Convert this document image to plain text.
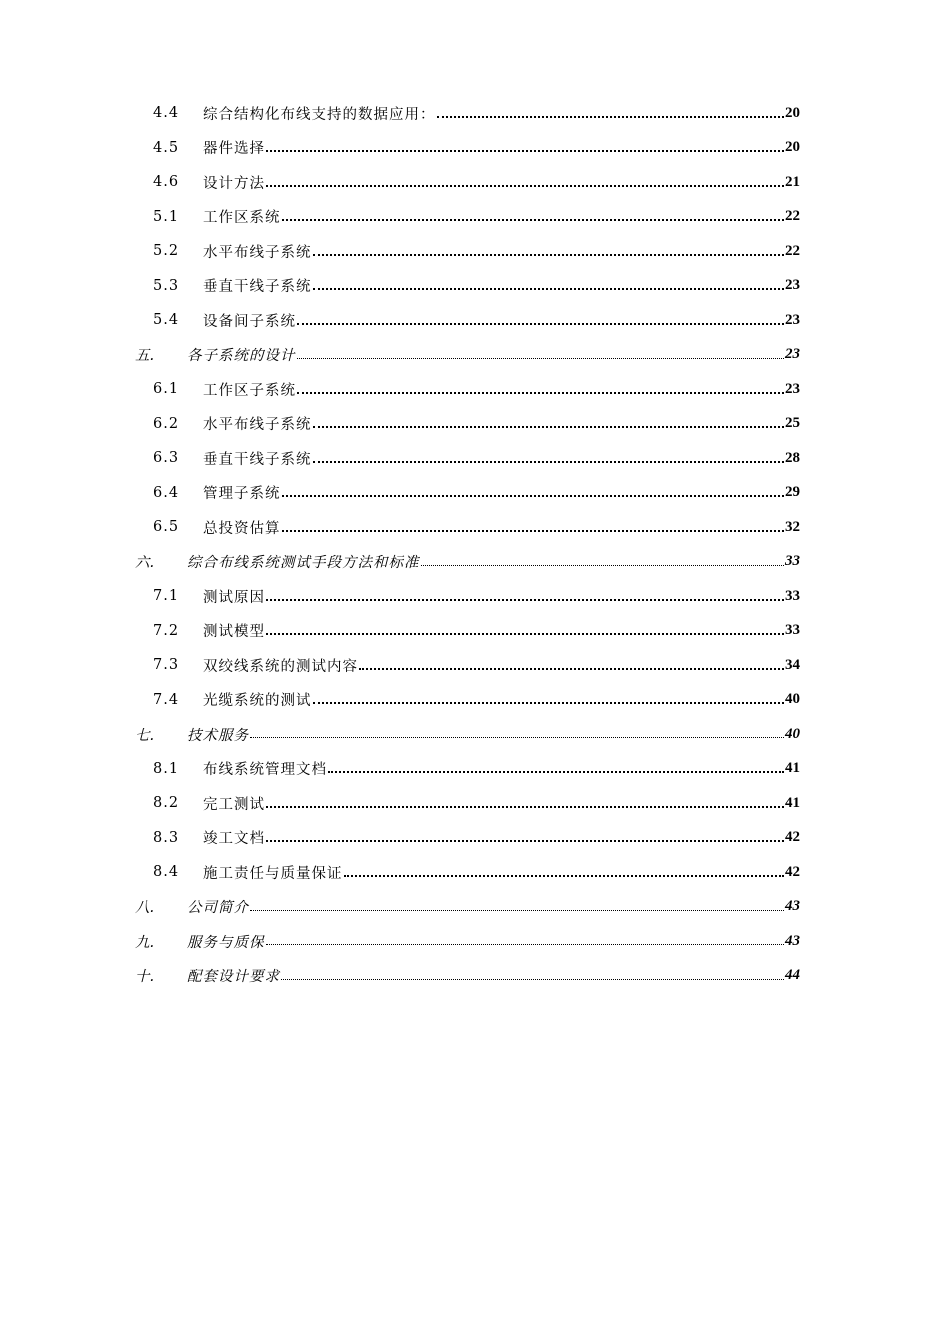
4.4	综合结构化布线支持的数据应用：	20
4.5	器件选择	20
4.6	设计方法	21
5.1	工作区系统	22
5.2	水平布线子系统	22
5.3	垂直干线子系统	23
5.4	设备间子系统	23
五.	各子系统的设计	23
6.1	工作区子系统	23
6.2	水平布线子系统	25
6.3	垂直干线子系统	28
6.4	管理子系统	29
6.5	总投资估算	32
六.	综合布线系统测试手段方法和标准	33
7.1	测试原因	33
7.2	测试模型	33
7.3	双绞线系统的测试内容	34
7.4	光缆系统的测试	40
七.	技术服务	40
8.1	布线系统管理文档	41
8.2	完工测试	41
8.3	竣工文档	42
8.4	施工责任与质量保证	42
八.	公司简介	43
九.	服务与质保	43
十.	配套设计要求	44
